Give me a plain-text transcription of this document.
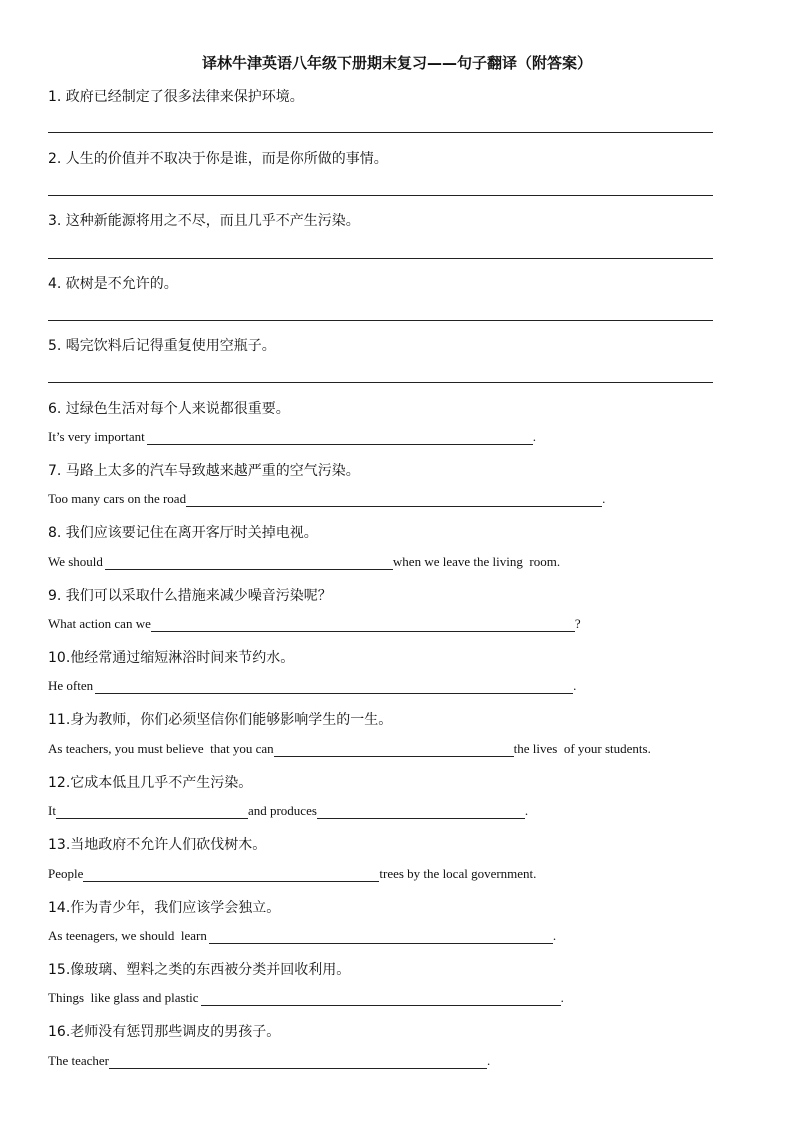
译林牛津英语八年级下册期末复习——句子翻译（附答案）
1. 政府已经制定了很多法律来保护环境。
2. 人生的价值并不取决于你是谁，而是你所做的事情。
3. 这种新能源将用之不尽，而且几乎不产生污染。
4. 砍树是不允许的。
5. 喝完饮料后记得重复使用空瓶子。
6. 过绿色生活对每个人来说都很重要。
It’s very important	.
7. 马路上太多的汽车导致越来越严重的空气污染。
Too many cars on the road	.
8. 我们应该要记住在离开客厅时关掉电视。
We should	when we leave the living  room.
9. 我们可以采取什么措施来减少噪音污染呢？
What action can we	?
10.他经常通过缩短淋浴时间来节约水。
He often	.
11.身为教师，你们必须坚信你们能够影响学生的一生。
As teachers, you must believe  that you can	the lives  of your students.
12.它成本低且几乎不产生污染。
It	and produces	.
13.当地政府不允许人们砍伐树木。
People	trees by the local government.
14.作为青少年，我们应该学会独立。
As teenagers, we should  learn	.
15.像玻璃、塑料之类的东西被分类并回收利用。
Things  like glass and plastic	.
16.老师没有惩罚那些调皮的男孩子。
The teacher	.
